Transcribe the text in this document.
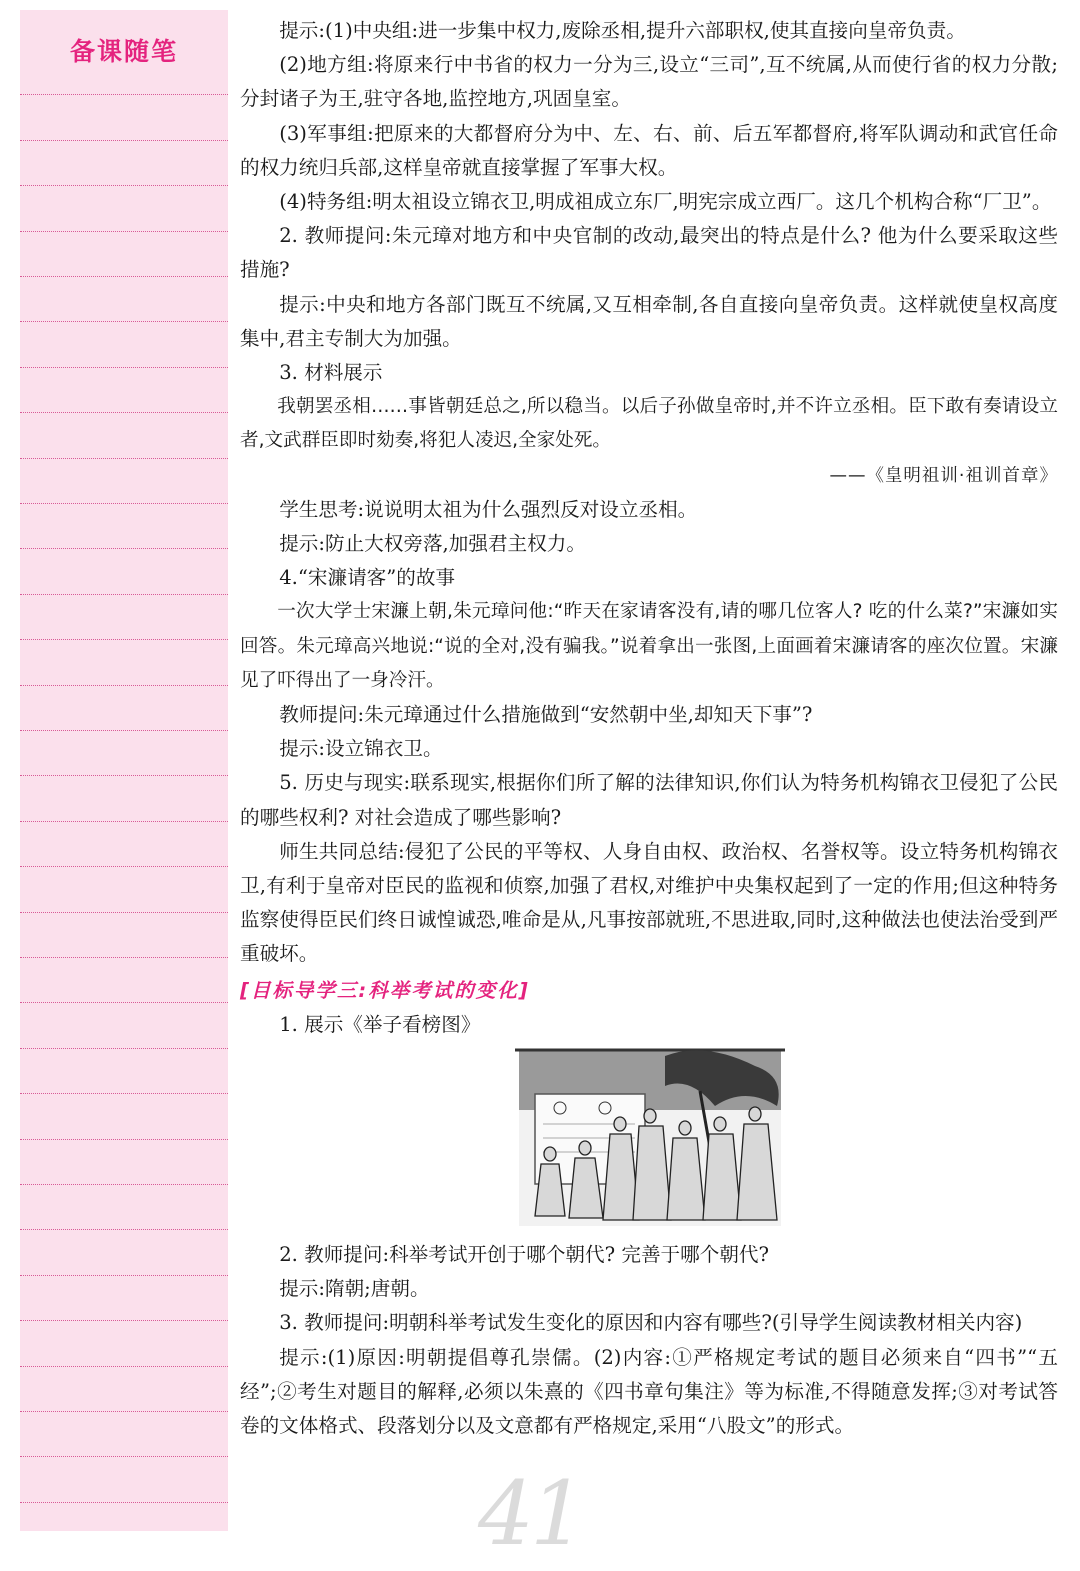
备课随笔

提示:(1)中央组:进一步集中权力,废除丞相,提升六部职权,使其直接向皇帝负责。

(2)地方组:将原来行中书省的权力一分为三,设立“三司”,互不统属,从而使行省的权力分散;分封诸子为王,驻守各地,监控地方,巩固皇室。

(3)军事组:把原来的大都督府分为中、左、右、前、后五军都督府,将军队调动和武官任命的权力统归兵部,这样皇帝就直接掌握了军事大权。

(4)特务组:明太祖设立锦衣卫,明成祖成立东厂,明宪宗成立西厂。这几个机构合称“厂卫”。

2. 教师提问:朱元璋对地方和中央官制的改动,最突出的特点是什么? 他为什么要采取这些措施?

提示:中央和地方各部门既互不统属,又互相牵制,各自直接向皇帝负责。这样就使皇权高度集中,君主专制大为加强。

3. 材料展示

我朝罢丞相……事皆朝廷总之,所以稳当。以后子孙做皇帝时,并不许立丞相。臣下敢有奏请设立者,文武群臣即时劾奏,将犯人凌迟,全家处死。

——《皇明祖训·祖训首章》

学生思考:说说明太祖为什么强烈反对设立丞相。

提示:防止大权旁落,加强君主权力。

4.“宋濂请客”的故事

一次大学士宋濂上朝,朱元璋问他:“昨天在家请客没有,请的哪几位客人? 吃的什么菜?”宋濂如实回答。朱元璋高兴地说:“说的全对,没有骗我。”说着拿出一张图,上面画着宋濂请客的座次位置。宋濂见了吓得出了一身冷汗。

教师提问:朱元璋通过什么措施做到“安然朝中坐,却知天下事”?

提示:设立锦衣卫。

5. 历史与现实:联系现实,根据你们所了解的法律知识,你们认为特务机构锦衣卫侵犯了公民的哪些权利? 对社会造成了哪些影响?

师生共同总结:侵犯了公民的平等权、人身自由权、政治权、名誉权等。设立特务机构锦衣卫,有利于皇帝对臣民的监视和侦察,加强了君权,对维护中央集权起到了一定的作用;但这种特务监察使得臣民们终日诚惶诚恐,唯命是从,凡事按部就班,不思进取,同时,这种做法也使法治受到严重破坏。

[目标导学三:科举考试的变化]

1. 展示《举子看榜图》

2. 教师提问:科举考试开创于哪个朝代? 完善于哪个朝代?

提示:隋朝;唐朝。

3. 教师提问:明朝科举考试发生变化的原因和内容有哪些?(引导学生阅读教材相关内容)

提示:(1)原因:明朝提倡尊孔崇儒。(2)内容:①严格规定考试的题目必须来自“四书”“五经”;②考生对题目的解释,必须以朱熹的《四书章句集注》等为标准,不得随意发挥;③对考试答卷的文体格式、段落划分以及文意都有严格规定,采用“八股文”的形式。

41
